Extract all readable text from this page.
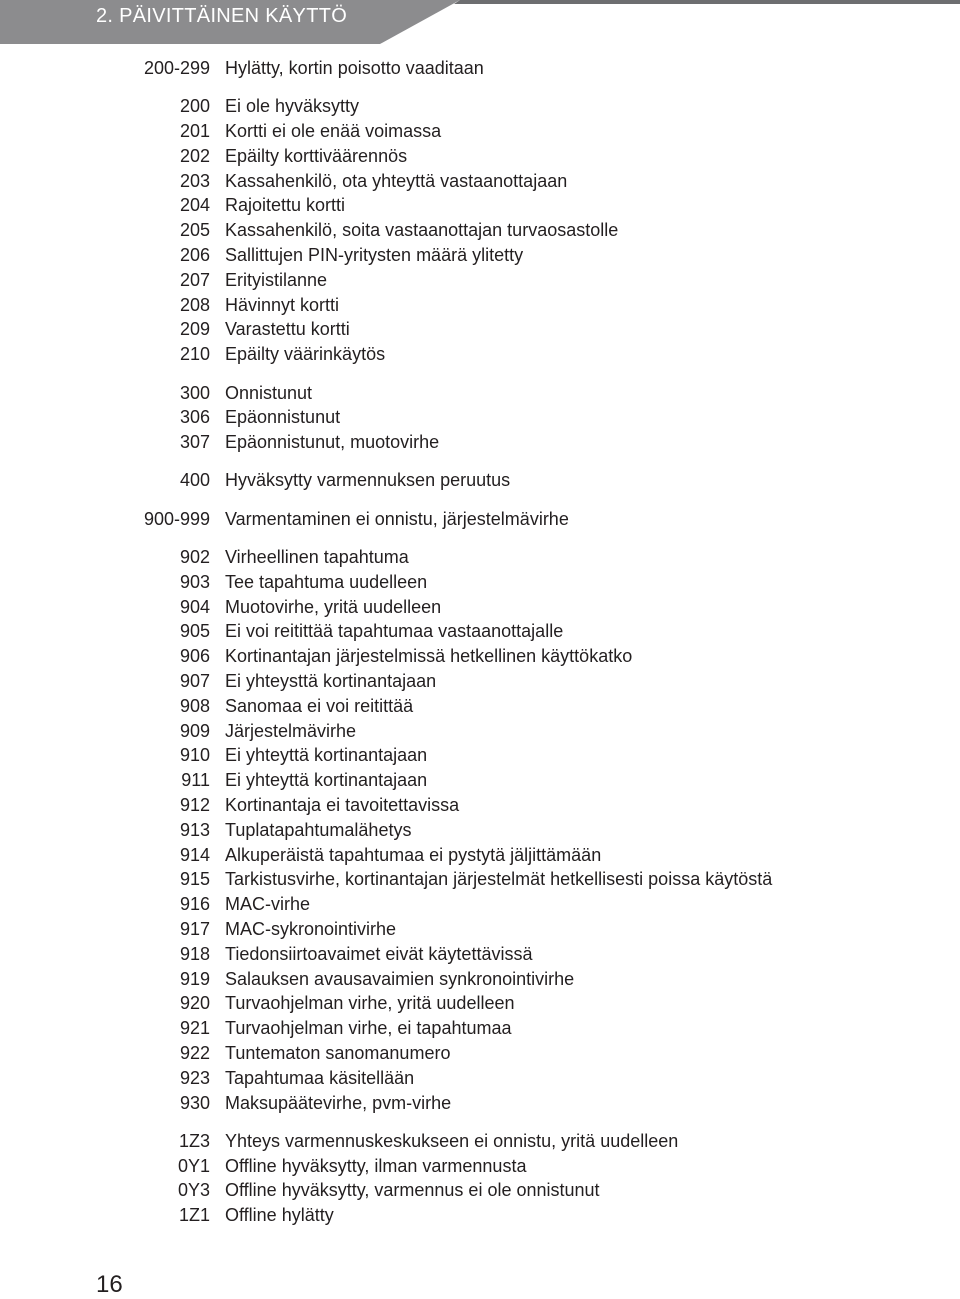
2. PÄIVITTÄINEN KÄYTTÖ
200-299 Hylätty, kortin poisotto vaaditaan
200 Ei ole hyväksytty
201 Kortti ei ole enää voimassa
202 Epäilty korttiväärennös
203 Kassahenkilö, ota yhteyttä vastaanottajaan
204 Rajoitettu kortti
205 Kassahenkilö, soita vastaanottajan turvaosastolle
206 Sallittujen PIN-yritysten määrä ylitetty
207 Erityistilanne
208 Hävinnyt kortti
209 Varastettu kortti
210 Epäilty väärinkäytös
300 Onnistunut
306 Epäonnistunut
307 Epäonnistunut, muotovirhe
400 Hyväksytty varmennuksen peruutus
900-999 Varmentaminen ei onnistu, järjestelmävirhe
902 Virheellinen tapahtuma
903 Tee tapahtuma uudelleen
904 Muotovirhe, yritä uudelleen
905 Ei voi reitittää tapahtumaa vastaanottajalle
906 Kortinantajan järjestelmissä hetkellinen käyttökatko
907 Ei yhteysttä kortinantajaan
908 Sanomaa ei voi reitittää
909 Järjestelmävirhe
910 Ei yhteyttä kortinantajaan
911 Ei yhteyttä kortinantajaan
912 Kortinantaja ei tavoitettavissa
913 Tuplatapahtumalähetys
914 Alkuperäistä tapahtumaa ei pystytä jäljittämään
915 Tarkistusvirhe, kortinantajan järjestelmät hetkellisesti poissa käytöstä
916 MAC-virhe
917 MAC-sykronointivirhe
918 Tiedonsiirtoavaimet eivät käytettävissä
919 Salauksen avausavaimien synkronointivirhe
920 Turvaohjelman virhe, yritä uudelleen
921 Turvaohjelman virhe, ei tapahtumaa
922 Tuntematon sanomanumero
923 Tapahtumaa käsitellään
930 Maksupäätevirhe, pvm-virhe
1Z3 Yhteys varmennuskeskukseen ei onnistu, yritä uudelleen
0Y1 Offline hyväksytty, ilman varmennusta
0Y3 Offline hyväksytty, varmennus ei ole onnistunut
1Z1 Offline hylätty
16
